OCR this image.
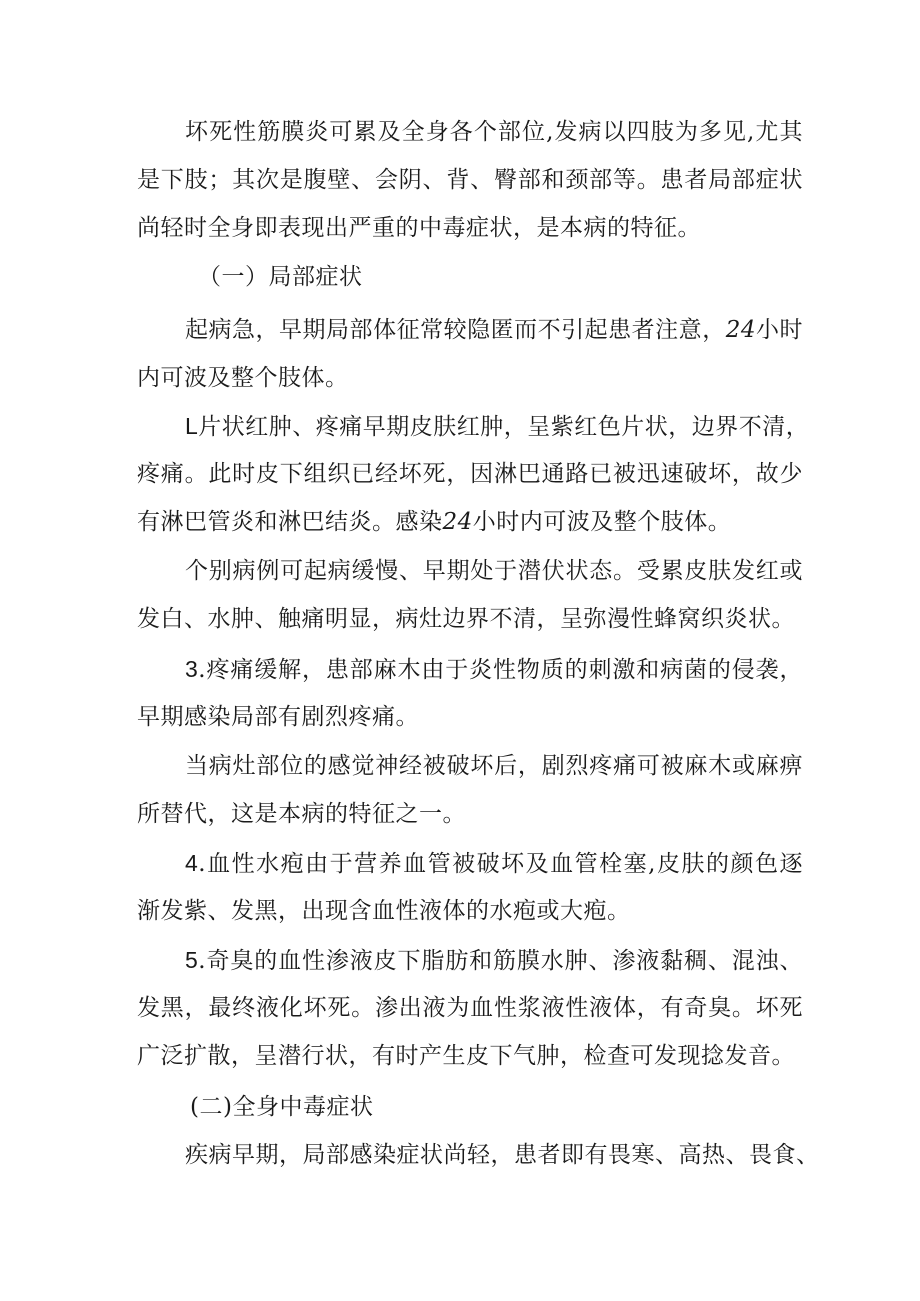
坏死性筋膜炎可累及全身各个部位,发病以四肢为多见,尤其
是下肢；其次是腹壁、会阴、背、臀部和颈部等。患者局部症状
尚轻时全身即表现出严重的中毒症状，是本病的特征。
（一）局部症状
起病急，早期局部体征常较隐匿而不引起患者注意，24小时
内可波及整个肢体。
L片状红肿、疼痛早期皮肤红肿，呈紫红色片状，边界不清，
疼痛。此时皮下组织已经坏死，因淋巴通路已被迅速破坏，故少
有淋巴管炎和淋巴结炎。感染24小时内可波及整个肢体。
个别病例可起病缓慢、早期处于潜伏状态。受累皮肤发红或
发白、水肿、触痛明显，病灶边界不清，呈弥漫性蜂窝织炎状。
3.疼痛缓解，患部麻木由于炎性物质的刺激和病菌的侵袭，
早期感染局部有剧烈疼痛。
当病灶部位的感觉神经被破坏后，剧烈疼痛可被麻木或麻痹
所替代，这是本病的特征之一。
4.血性水疱由于营养血管被破坏及血管栓塞,皮肤的颜色逐
渐发紫、发黑，出现含血性液体的水疱或大疱。
5.奇臭的血性渗液皮下脂肪和筋膜水肿、渗液黏稠、混浊、
发黑，最终液化坏死。渗出液为血性浆液性液体，有奇臭。坏死
广泛扩散，呈潜行状，有时产生皮下气肿，检查可发现捻发音。
(二)全身中毒症状
疾病早期，局部感染症状尚轻，患者即有畏寒、高热、畏食、
